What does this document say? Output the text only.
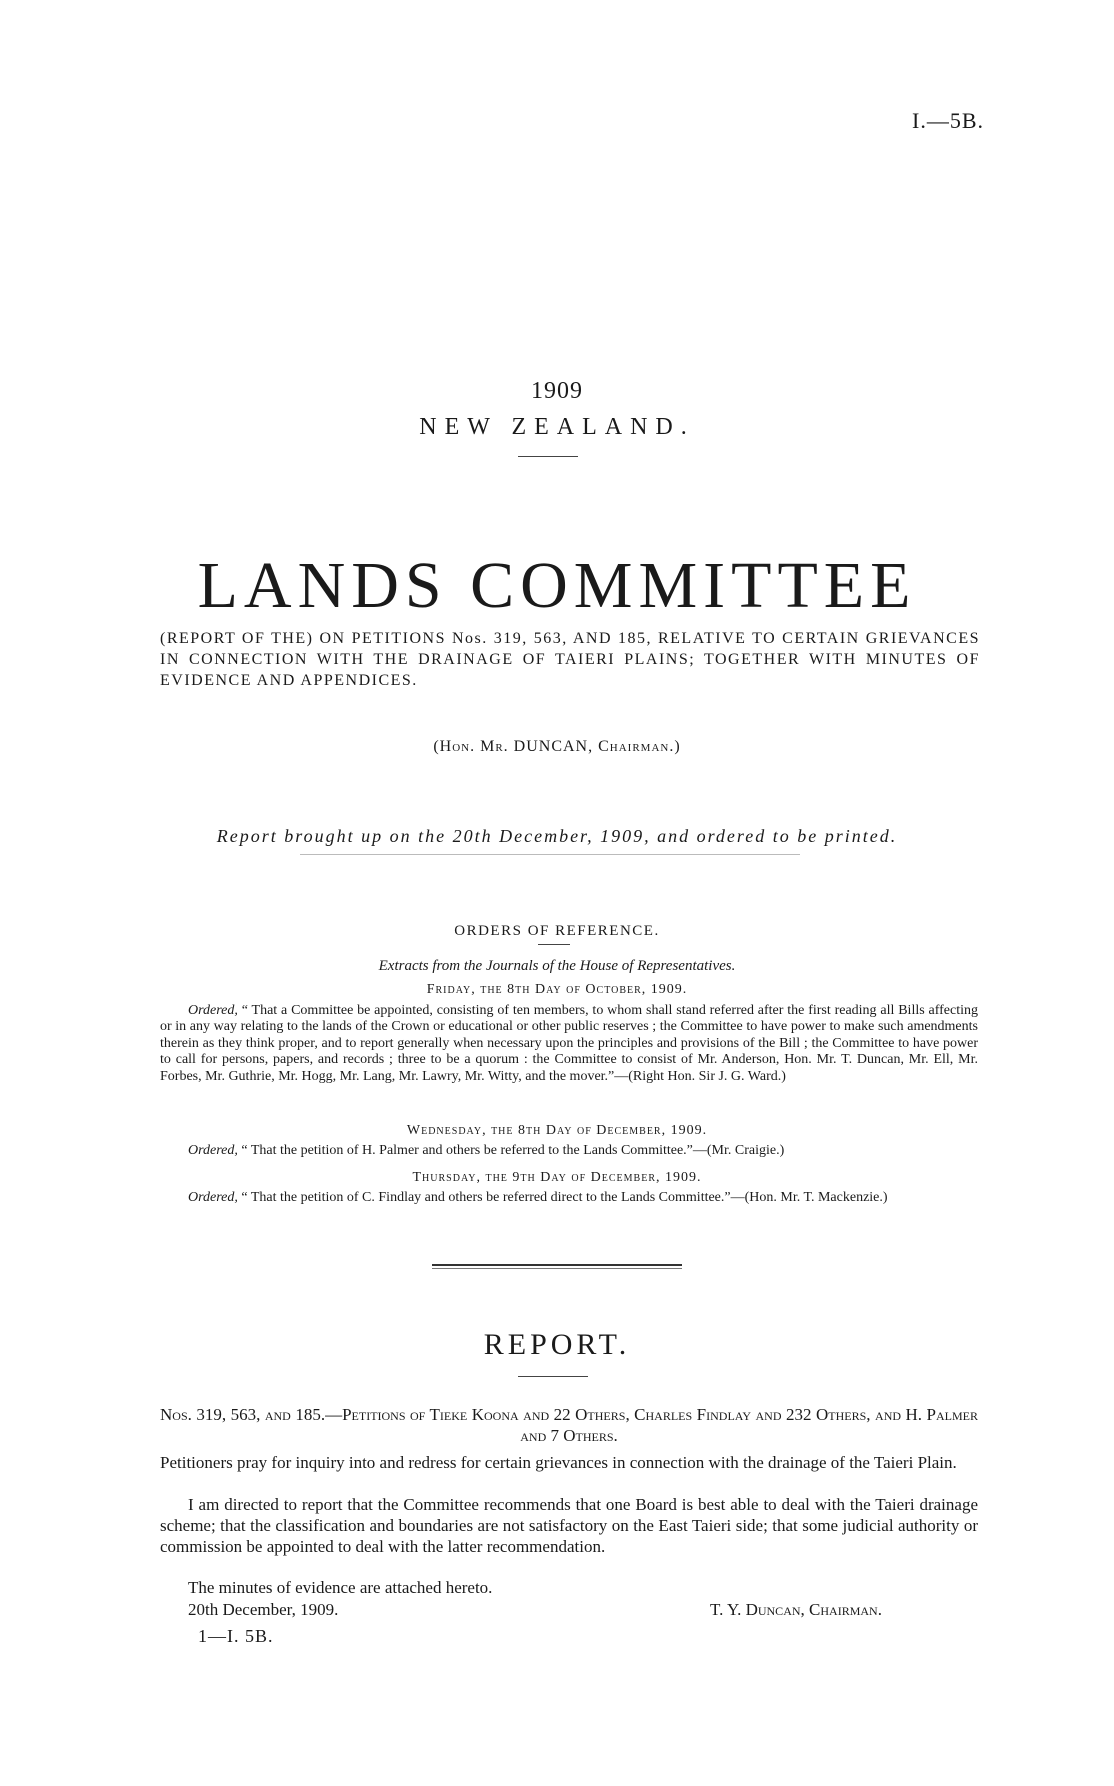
I.—5B.
1909
NEW ZEALAND.
LANDS COMMITTEE
(REPORT OF THE) ON PETITIONS Nos. 319, 563, AND 185, RELATIVE TO CERTAIN GRIEVANCES IN CONNECTION WITH THE DRAINAGE OF TAIERI PLAINS; TOGETHER WITH MINUTES OF EVIDENCE AND APPENDICES.
(Hon. Mr. DUNCAN, Chairman.)
Report brought up on the 20th December, 1909, and ordered to be printed.
ORDERS OF REFERENCE.
Extracts from the Journals of the House of Representatives.
Friday, the 8th Day of October, 1909.
Ordered, “ That a Committee be appointed, consisting of ten members, to whom shall stand referred after the first reading all Bills affecting or in any way relating to the lands of the Crown or educational or other public reserves ; the Committee to have power to make such amendments therein as they think proper, and to report generally when necessary upon the principles and provisions of the Bill ; the Committee to have power to call for persons, papers, and records ; three to be a quorum : the Committee to consist of Mr. Anderson, Hon. Mr. T. Duncan, Mr. Ell, Mr. Forbes, Mr. Guthrie, Mr. Hogg, Mr. Lang, Mr. Lawry, Mr. Witty, and the mover.”—(Right Hon. Sir J. G. Ward.)
Wednesday, the 8th Day of December, 1909.
Ordered, “ That the petition of H. Palmer and others be referred to the Lands Committee.”—(Mr. Craigie.)
Thursday, the 9th Day of December, 1909.
Ordered, “ That the petition of C. Findlay and others be referred direct to the Lands Committee.”—(Hon. Mr. T. Mackenzie.)
REPORT.
Nos. 319, 563, and 185.—Petitions of Tieke Koona and 22 Others, Charles Findlay and 232 Others, and H. Palmer and 7 Others.
Petitioners pray for inquiry into and redress for certain grievances in connection with the drainage of the Taieri Plain.
I am directed to report that the Committee recommends that one Board is best able to deal with the Taieri drainage scheme; that the classification and boundaries are not satisfactory on the East Taieri side; that some judicial authority or commission be appointed to deal with the latter recommendation.
The minutes of evidence are attached hereto.
20th December, 1909.	T. Y. Duncan, Chairman.
1—I. 5B.
